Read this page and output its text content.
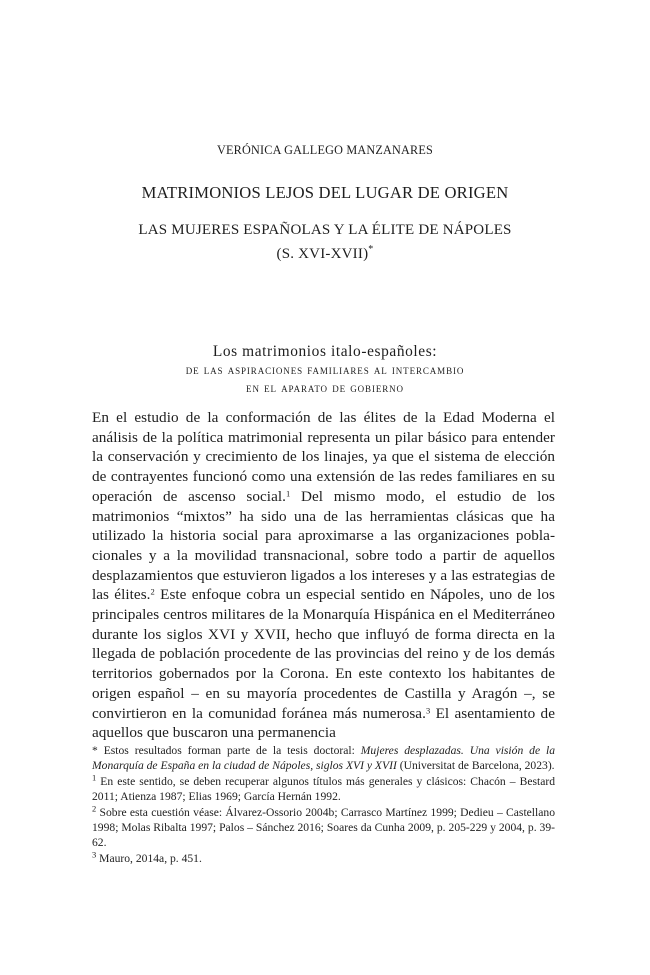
VERÓNICA GALLEGO MANZANARES
MATRIMONIOS LEJOS DEL LUGAR DE ORIGEN
LAS MUJERES ESPAÑOLAS Y LA ÉLITE DE NÁPOLES
(S. XVI-XVII)*
Los matrimonios italo-españoles:
de las aspiraciones familiares al intercambio
en el aparato de gobierno

En el estudio de la conformación de las élites de la Edad Moderna el análisis de la política matrimonial representa un pilar básico para entender la conservación y crecimiento de los linajes, ya que el sistema de elección de contrayentes funcionó como una extensión de las redes familiares en su operación de ascenso social.$^1$ Del mismo modo, el estudio de los matrimonios “mixtos” ha sido una de las herramientas clásicas que ha utilizado la historia social para aproximarse a las organizaciones poblacionales y a la movilidad transnacional, sobre todo a partir de aquellos desplazamientos que estuvieron ligados a los intereses y a las estrategias de las élites.$^2$ Este enfoque cobra un especial sentido en Nápoles, uno de los principales centros militares de la Monarquía Hispánica en el Mediterráneo durante los siglos XVI y XVII, hecho que influyó de forma directa en la llegada de población procedente de las provincias del reino y de los demás territorios gobernados por la Corona. En este contexto los habitantes de origen español – en su mayoría procedentes de Castilla y Aragón –, se convirtieron en la comunidad foránea más numerosa.$^3$ El asentamiento de aquellos que buscaron una permanencia

* Estos resultados forman parte de la tesis doctoral: Mujeres desplazadas. Una visión de la Monarquía de España en la ciudad de Nápoles, siglos XVI y XVII (Universitat de Barcelona, 2023).

$^1$ En este sentido, se deben recuperar algunos títulos más generales y clásicos: Chacón – Bestard 2011; Atienza 1987; Elias 1969; García Hernán 1992.

$^2$ Sobre esta cuestión véase: Álvarez-Ossorio 2004b; Carrasco Martínez 1999; Dedieu – Castellano 1998; Molas Ribalta 1997; Palos – Sánchez 2016; Soares da Cunha 2009, p. 205-229 y 2004, p. 39-62.

$^3$ Mauro, 2014a, p. 451.
